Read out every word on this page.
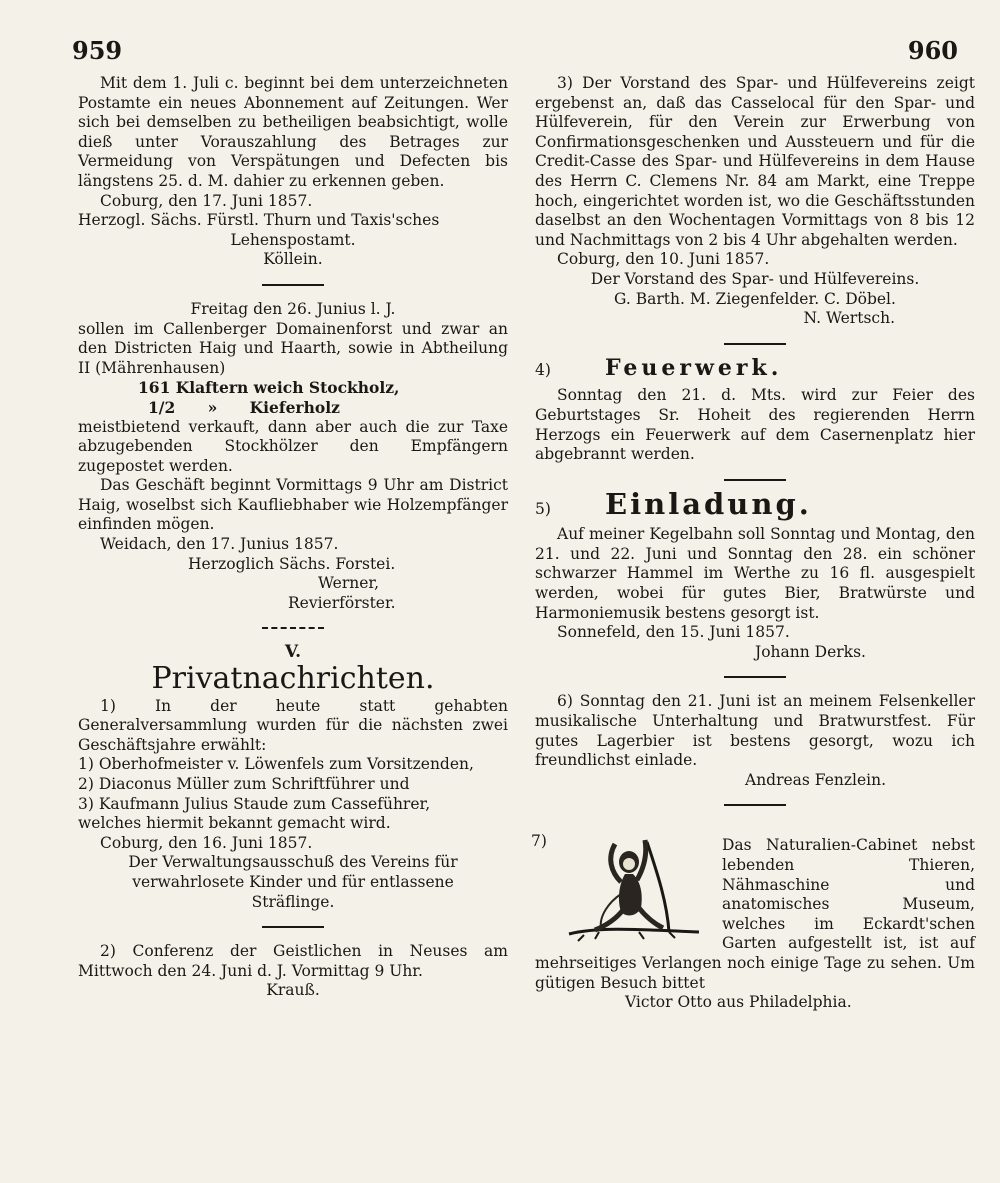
959	960

Mit dem 1. Juli c. beginnt bei dem unterzeichneten Postamte ein neues Abonnement auf Zeitungen. Wer sich bei demselben zu betheiligen beabsichtigt, wolle dieß unter Vorauszahlung des Betrages zur Vermeidung von Verspätungen und Defecten bis längstens 25. d. M. dahier zu erkennen geben.

Coburg, den 17. Juni 1857.

Herzogl. Sächs. Fürstl. Thurn und Taxis'sches

Lehenspostamt.

Köllein.

Freitag den 26. Junius l. J.

sollen im Callenberger Domainenforst und zwar an den Districten Haig und Haarth, sowie in Abtheilung II (Mährenhausen)

161 Klaftern weich Stockholz,

1/2      »      Kieferholz

meistbietend verkauft, dann aber auch die zur Taxe abzugebenden Stockhölzer den Empfängern zugepostet werden.

Das Geschäft beginnt Vormittags 9 Uhr am District Haig, woselbst sich Kaufliebhaber wie Holzempfänger einfinden mögen.

Weidach, den 17. Junius 1857.

Herzoglich Sächs. Forstei.

Werner,

Revierförster.

V.

Privatnachrichten.

1) In der heute statt gehabten Generalversammlung wurden für die nächsten zwei Geschäftsjahre erwählt:

1) Oberhofmeister v. Löwenfels zum Vorsitzenden,

2) Diaconus Müller zum Schriftführer und

3) Kaufmann Julius Staude zum Casseführer,

welches hiermit bekannt gemacht wird.

Coburg, den 16. Juni 1857.

Der Verwaltungsausschuß des Vereins für verwahrlosete Kinder und für entlassene Sträflinge.

2) Conferenz der Geistlichen in Neuses am Mittwoch den 24. Juni d. J. Vormittag 9 Uhr.

Krauß.

3) Der Vorstand des Spar- und Hülfevereins zeigt ergebenst an, daß das Casselocal für den Spar- und Hülfeverein, für den Verein zur Erwerbung von Confirmationsgeschenken und Aussteuern und für die Credit-Casse des Spar- und Hülfevereins in dem Hause des Herrn C. Clemens Nr. 84 am Markt, eine Treppe hoch, eingerichtet worden ist, wo die Geschäftsstunden daselbst an den Wochentagen Vormittags von 8 bis 12 und Nachmittags von 2 bis 4 Uhr abgehalten werden.

Coburg, den 10. Juni 1857.

Der Vorstand des Spar- und Hülfevereins.

G. Barth. M. Ziegenfelder. C. Döbel.

N. Wertsch.

4)	Feuerwerk.

Sonntag den 21. d. Mts. wird zur Feier des Geburtstages Sr. Hoheit des regierenden Herrn Herzogs ein Feuerwerk auf dem Casernenplatz hier abgebrannt werden.

5)	Einladung.

Auf meiner Kegelbahn soll Sonntag und Montag, den 21. und 22. Juni und Sonntag den 28. ein schöner schwarzer Hammel im Werthe zu 16 fl. ausgespielt werden, wobei für gutes Bier, Bratwürste und Harmoniemusik bestens gesorgt ist.

Sonnefeld, den 15. Juni 1857.

Johann Derks.

6) Sonntag den 21. Juni ist an meinem Felsenkeller musikalische Unterhaltung und Bratwurstfest. Für gutes Lagerbier ist bestens gesorgt, wozu ich freundlichst einlade.

Andreas Fenzlein.

7)	Das Naturalien-Cabinet nebst lebenden Thieren, Nähmaschine und anatomisches Museum, welches im Eckardt'schen Garten aufgestellt ist, ist auf mehrseitiges Verlangen noch einige Tage zu sehen. Um gütigen Besuch bittet

Victor Otto aus Philadelphia.
